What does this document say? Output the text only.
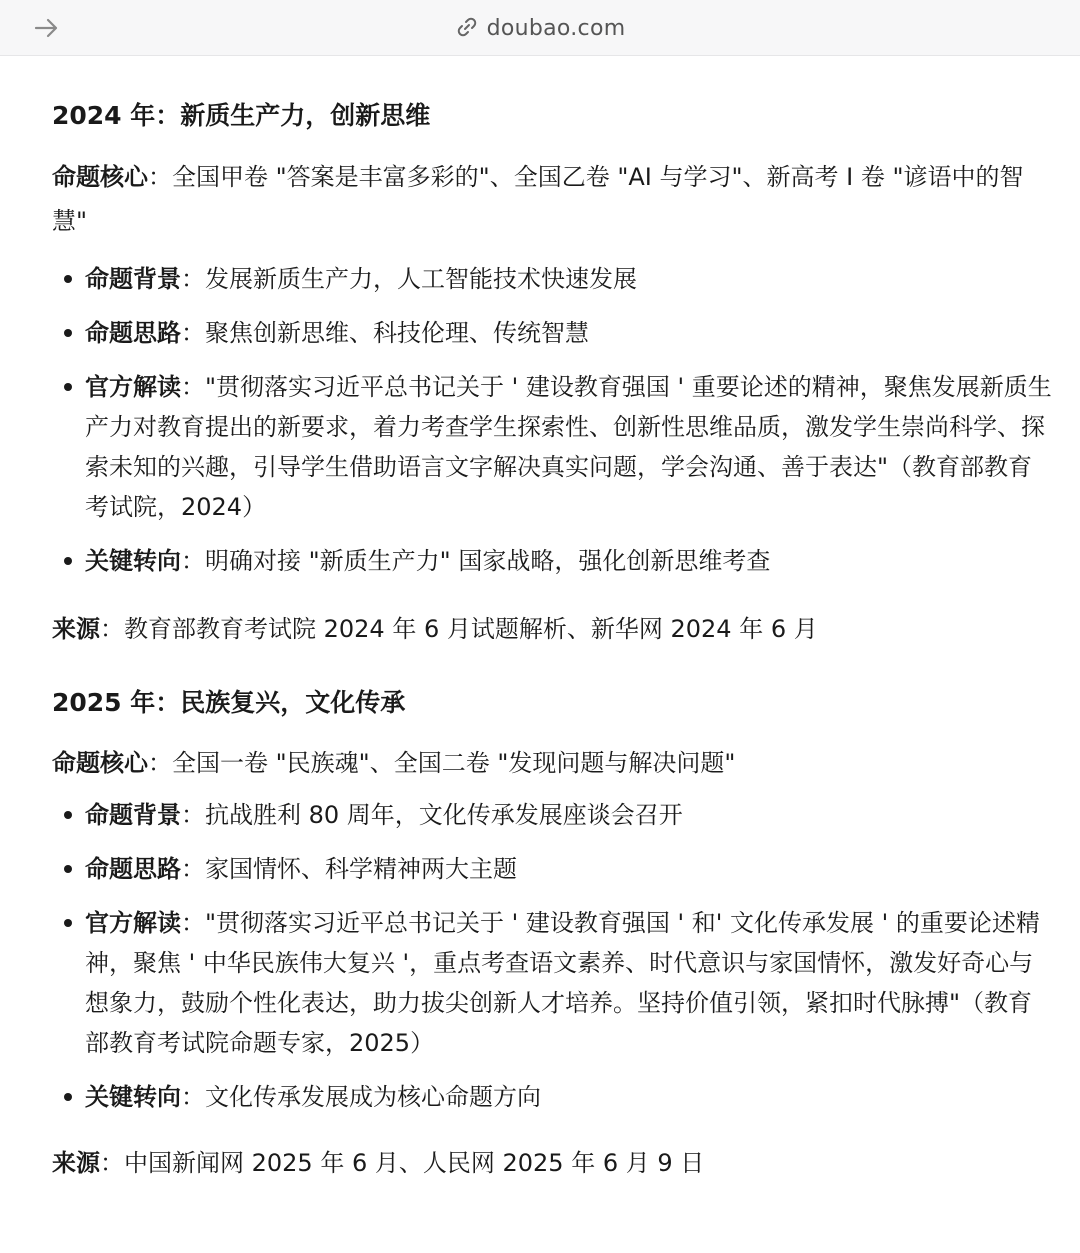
doubao.com
2024 年：新质生产力，创新思维

命题核心：全国甲卷 "答案是丰富多彩的"、全国乙卷 "AI 与学习"、新高考 I 卷 "谚语中的智慧"

命题背景：发展新质生产力，人工智能技术快速发展
命题思路：聚焦创新思维、科技伦理、传统智慧
官方解读："贯彻落实习近平总书记关于 ' 建设教育强国 ' 重要论述的精神，聚焦发展新质生产力对教育提出的新要求，着力考查学生探索性、创新性思维品质，激发学生崇尚科学、探索未知的兴趣，引导学生借助语言文字解决真实问题，学会沟通、善于表达"（教育部教育考试院，2024）
关键转向：明确对接 "新质生产力" 国家战略，强化创新思维考查

来源：教育部教育考试院 2024 年 6 月试题解析、新华网 2024 年 6 月

2025 年：民族复兴，文化传承

命题核心：全国一卷 "民族魂"、全国二卷 "发现问题与解决问题"

命题背景：抗战胜利 80 周年，文化传承发展座谈会召开
命题思路：家国情怀、科学精神两大主题
官方解读："贯彻落实习近平总书记关于 ' 建设教育强国 ' 和' 文化传承发展 ' 的重要论述精神，聚焦 ' 中华民族伟大复兴 '，重点考查语文素养、时代意识与家国情怀，激发好奇心与想象力，鼓励个性化表达，助力拔尖创新人才培养。坚持价值引领，紧扣时代脉搏"（教育部教育考试院命题专家，2025）
关键转向：文化传承发展成为核心命题方向

来源：中国新闻网 2025 年 6 月、人民网 2025 年 6 月 9 日
